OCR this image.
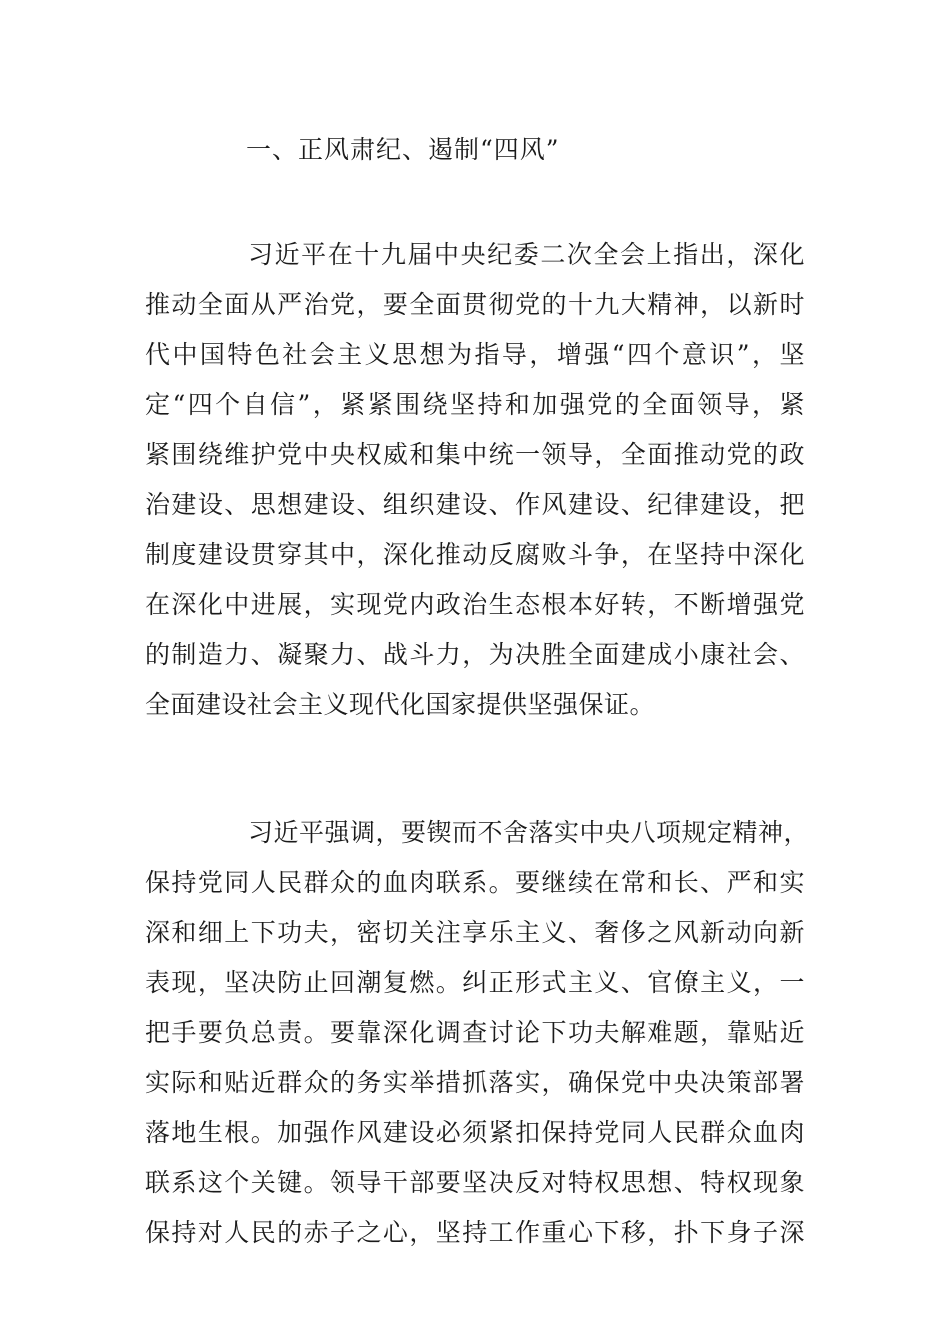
一、正风肃纪、遏制“四风”
习近平在十九届中央纪委二次全会上指出，深化
推动全面从严治党，要全面贯彻党的十九大精神，以新时
代中国特色社会主义思想为指导，增强“四个意识”，坚
定“四个自信”，紧紧围绕坚持和加强党的全面领导，紧
紧围绕维护党中央权威和集中统一领导，全面推动党的政
治建设、思想建设、组织建设、作风建设、纪律建设，把
制度建设贯穿其中，深化推动反腐败斗争，在坚持中深化
在深化中进展，实现党内政治生态根本好转，不断增强党
的制造力、凝聚力、战斗力，为决胜全面建成小康社会、
全面建设社会主义现代化国家提供坚强保证。
习近平强调，要锲而不舍落实中央八项规定精神，
保持党同人民群众的血肉联系。要继续在常和长、严和实
深和细上下功夫，密切关注享乐主义、奢侈之风新动向新
表现，坚决防止回潮复燃。纠正形式主义、官僚主义，一
把手要负总责。要靠深化调查讨论下功夫解难题，靠贴近
实际和贴近群众的务实举措抓落实，确保党中央决策部署
落地生根。加强作风建设必须紧扣保持党同人民群众血肉
联系这个关键。领导干部要坚决反对特权思想、特权现象
保持对人民的赤子之心，坚持工作重心下移，扑下身子深
